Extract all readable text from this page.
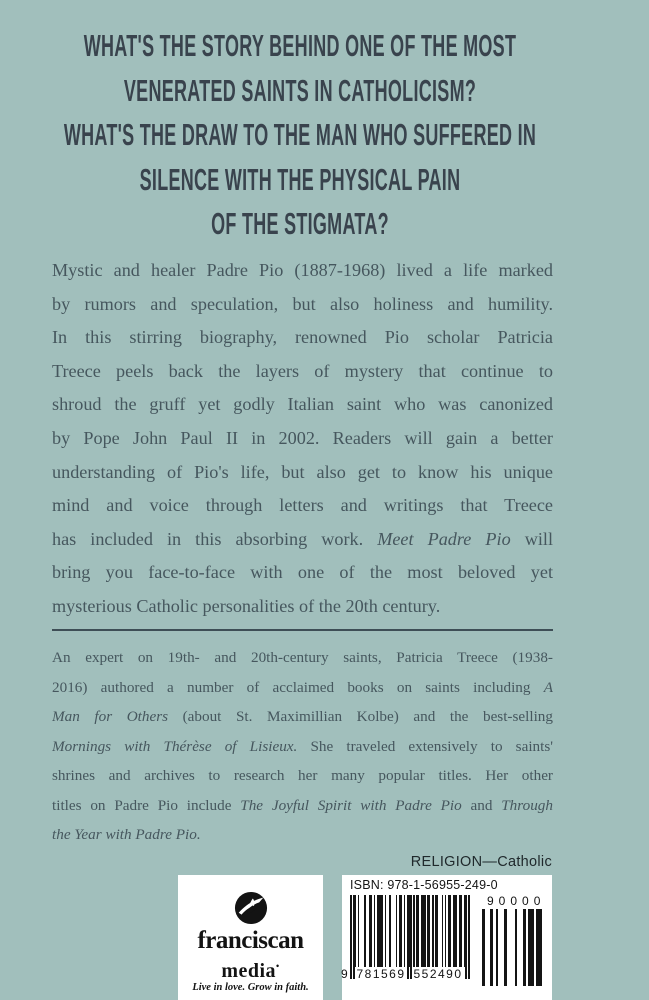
WHAT'S THE STORY BEHIND ONE OF THE MOST
VENERATED SAINTS IN CATHOLICISM?
WHAT'S THE DRAW TO THE MAN WHO SUFFERED IN
SILENCE WITH THE PHYSICAL PAIN
OF THE STIGMATA?
Mystic and healer Padre Pio (1887-1968) lived a life marked
by rumors and speculation, but also holiness and humility.
In this stirring biography, renowned Pio scholar Patricia
Treece peels back the layers of mystery that continue to
shroud the gruff yet godly Italian saint who was canonized
by Pope John Paul II in 2002. Readers will gain a better
understanding of Pio's life, but also get to know his unique
mind and voice through letters and writings that Treece
has included in this absorbing work. Meet Padre Pio will
bring you face-to-face with one of the most beloved yet
mysterious Catholic personalities of the 20th century.
An expert on 19th- and 20th-century saints, Patricia Treece (1938-
2016) authored a number of acclaimed books on saints including A
Man for Others (about St. Maximillian Kolbe) and the best-selling
Mornings with Thérèse of Lisieux. She traveled extensively to saints'
shrines and archives to research her many popular titles. Her other
titles on Padre Pio include The Joyful Spirit with Padre Pio and Through
the Year with Padre Pio.
RELIGION—Catholic
franciscan
media•
Live in love. Grow in faith.
ISBN: 978-1-56955-249-0
9 781569 552490
90000
